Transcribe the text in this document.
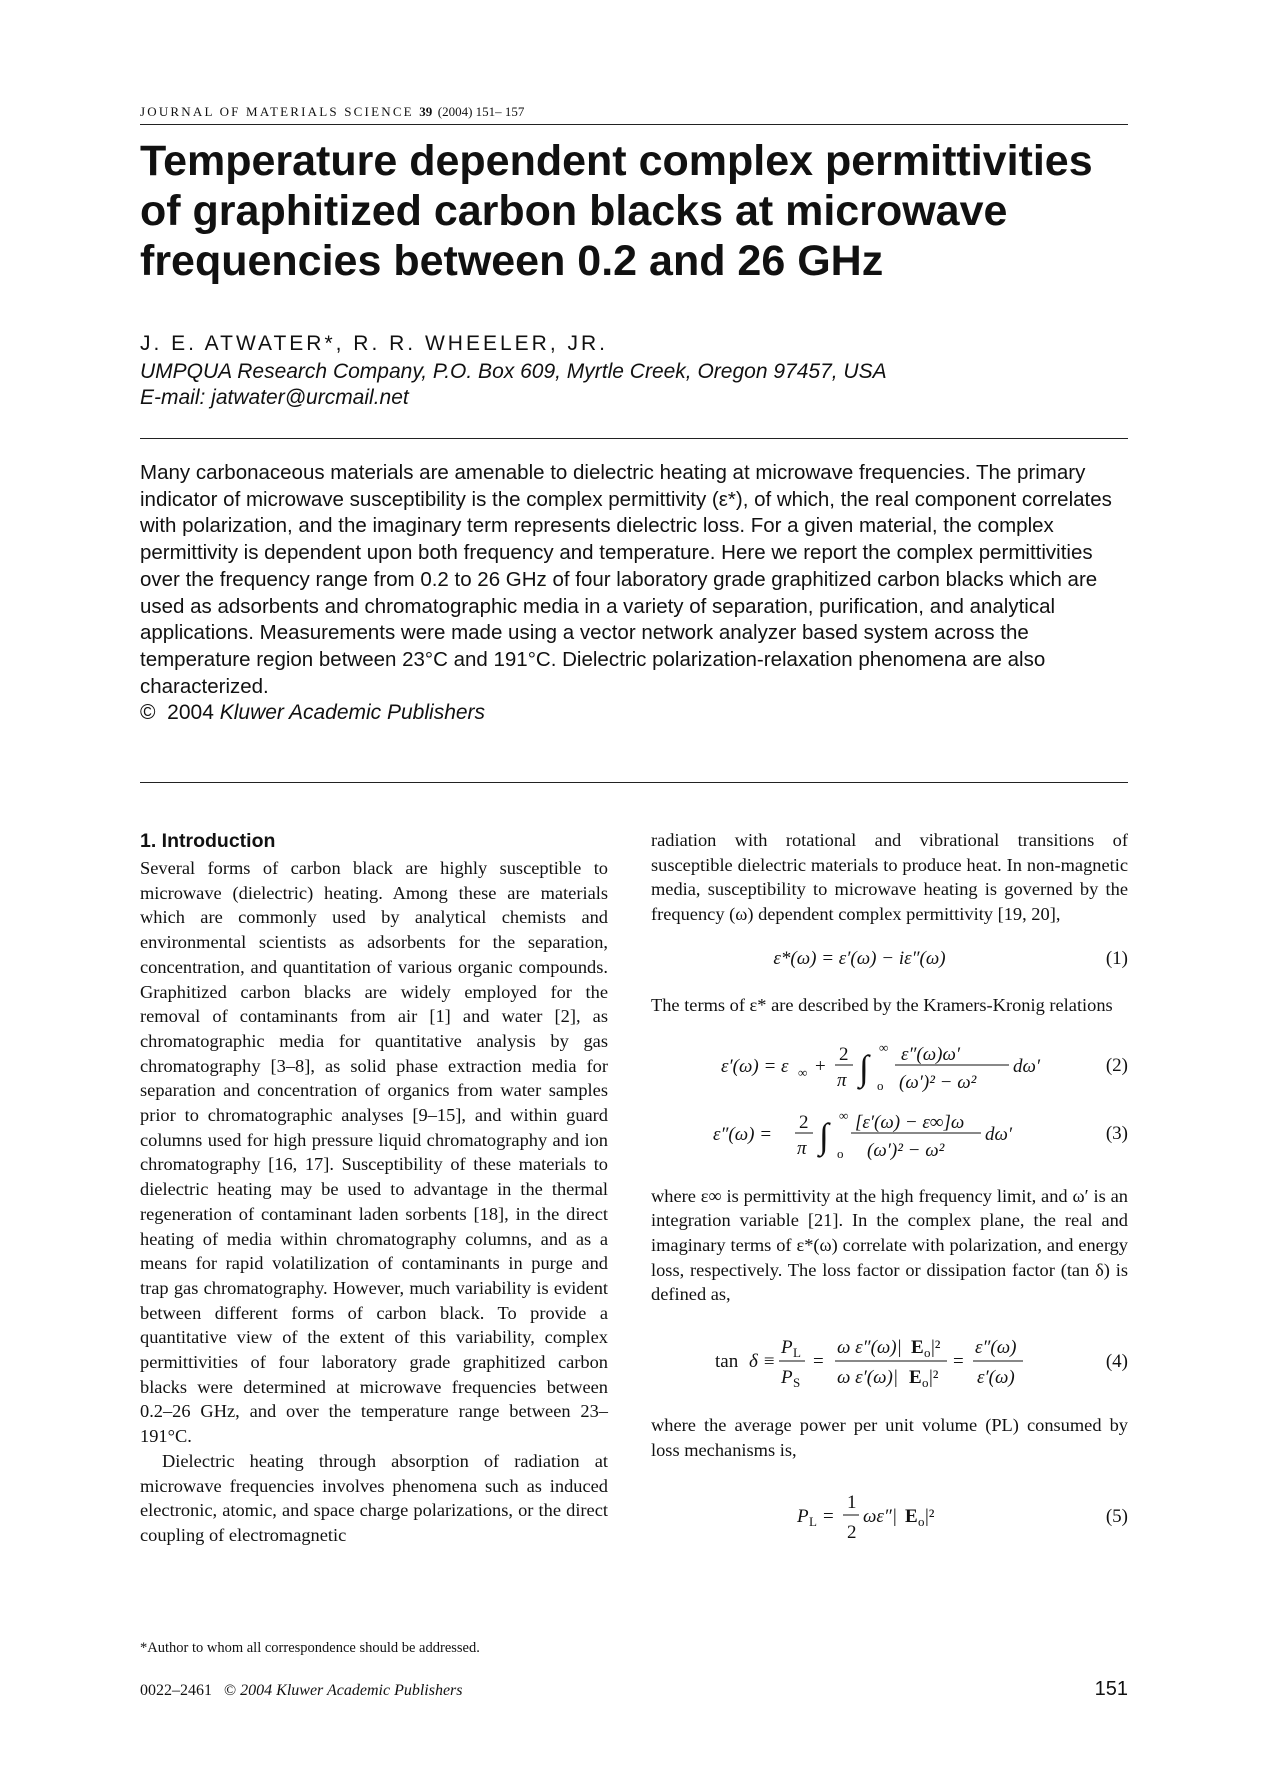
JOURNAL OF MATERIALS SCIENCE 39 (2004) 151– 157
Temperature dependent complex permittivities
of graphitized carbon blacks at microwave
frequencies between 0.2 and 26 GHz
J. E. ATWATER*, R. R. WHEELER, JR.
UMPQUA Research Company, P.O. Box 609, Myrtle Creek, Oregon 97457, USA
E-mail: jatwater@urcmail.net

Many carbonaceous materials are amenable to dielectric heating at microwave frequencies. The primary indicator of microwave susceptibility is the complex permittivity (ε*), of which, the real component correlates with polarization, and the imaginary term represents dielectric loss. For a given material, the complex permittivity is dependent upon both frequency and temperature. Here we report the complex permittivities over the frequency range from 0.2 to 26 GHz of four laboratory grade graphitized carbon blacks which are used as adsorbents and chromatographic media in a variety of separation, purification, and analytical applications. Measurements were made using a vector network analyzer based system across the temperature region between 23°C and 191°C. Dielectric polarization-relaxation phenomena are also characterized.

© 2004 Kluwer Academic Publishers
1. Introduction

Several forms of carbon black are highly susceptible to microwave (dielectric) heating. Among these are materials which are commonly used by analytical chemists and environmental scientists as adsorbents for the separation, concentration, and quantitation of various organic compounds. Graphitized carbon blacks are widely employed for the removal of contaminants from air [1] and water [2], as chromatographic media for quantitative analysis by gas chromatography [3–8], as solid phase extraction media for separation and concentration of organics from water samples prior to chromatographic analyses [9–15], and within guard columns used for high pressure liquid chromatography and ion chromatography [16, 17]. Susceptibility of these materials to dielectric heating may be used to advantage in the thermal regeneration of contaminant laden sorbents [18], in the direct heating of media within chromatography columns, and as a means for rapid volatilization of contaminants in purge and trap gas chromatography. However, much variability is evident between different forms of carbon black. To provide a quantitative view of the extent of this variability, complex permittivities of four laboratory grade graphitized carbon blacks were determined at microwave frequencies between 0.2–26 GHz, and over the temperature range between 23–191°C.

Dielectric heating through absorption of radiation at microwave frequencies involves phenomena such as induced electronic, atomic, and space charge polarizations, or the direct coupling of electromagnetic

radiation with rotational and vibrational transitions of susceptible dielectric materials to produce heat. In non-magnetic media, susceptibility to microwave heating is governed by the frequency (ω) dependent complex permittivity [19, 20],

ε*(ω) = ε′(ω) − iε″(ω)	(1)

The terms of ε* are described by the Kramers-Kronig relations

ε′(ω) = ε ∞ +
2
π ∫
∞
o
ε″(ω)ω′
(ω′)² − ω²
dω′
ε″(ω) =
2
π ∫
∞
o
[ε′(ω) − ε∞]ω
(ω′)² − ω²
dω′
(2)
(3)

where ε∞ is permittivity at the high frequency limit, and ω′ is an integration variable [21]. In the complex plane, the real and imaginary terms of ε*(ω) correlate with polarization, and energy loss, respectively. The loss factor or dissipation factor (tan δ) is defined as,

tan δ ≡
P L
P S
=
ω ε″(ω)| E o |²
ω ε′(ω)| E o |²
=
ε″(ω)
ε′(ω)
(4)

where the average power per unit volume (PL) consumed by loss mechanisms is,

P L =
1
2
ωε″| E o |²	(5)
*Author to whom all correspondence should be addressed.
0022–2461 © 2004 Kluwer Academic Publishers	151
